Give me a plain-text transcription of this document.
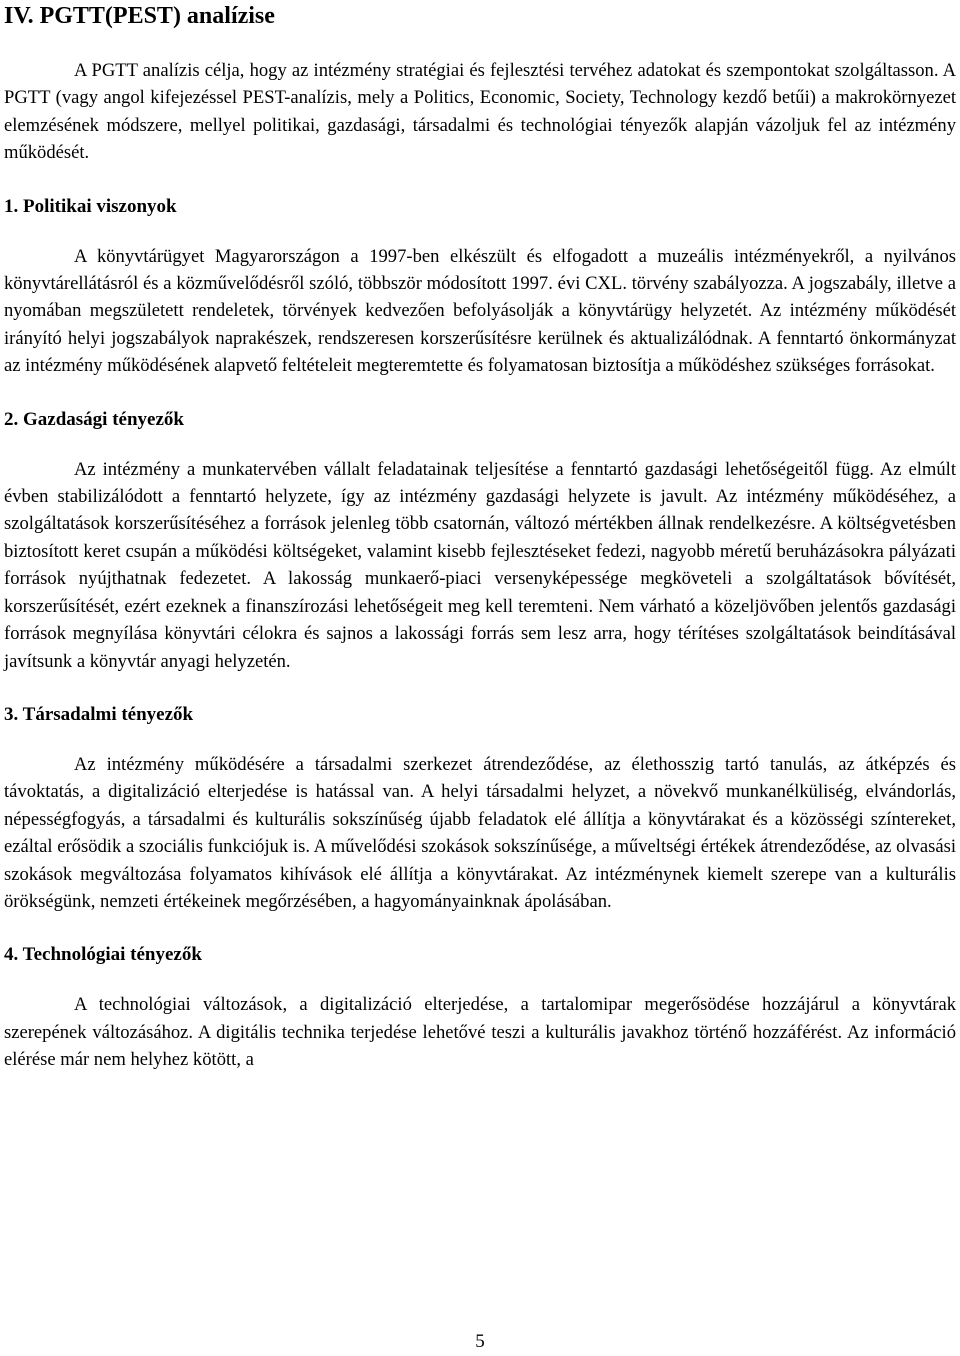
IV. PGTT(PEST) analízise

A PGTT analízis célja, hogy az intézmény stratégiai és fejlesztési tervéhez adatokat és szempontokat szolgáltasson. A PGTT (vagy angol kifejezéssel PEST-analízis, mely a Politics, Economic, Society, Technology kezdő betűi) a makrokörnyezet elemzésének módszere, mellyel politikai, gazdasági, társadalmi és technológiai tényezők alapján vázoljuk fel az intézmény működését.

1. Politikai viszonyok

A könyvtárügyet Magyarországon a 1997-ben elkészült és elfogadott a muzeális intézményekről, a nyilvános könyvtárellátásról és a közművelődésről szóló, többször módosított 1997. évi CXL. törvény szabályozza. A jogszabály, illetve a nyomában megszületett rendeletek, törvények kedvezően befolyásolják a könyvtárügy helyzetét. Az intézmény működését irányító helyi jogszabályok naprakészek, rendszeresen korszerűsítésre kerülnek és aktualizálódnak. A fenntartó önkormányzat az intézmény működésének alapvető feltételeit megteremtette és folyamatosan biztosítja a működéshez szükséges forrásokat.

2. Gazdasági tényezők

Az intézmény a munkatervében vállalt feladatainak teljesítése a fenntartó gazdasági lehetőségeitől függ. Az elmúlt évben stabilizálódott a fenntartó helyzete, így az intézmény gazdasági helyzete is javult. Az intézmény működéséhez, a szolgáltatások korszerűsítéséhez a források jelenleg több csatornán, változó mértékben állnak rendelkezésre. A költségvetésben biztosított keret csupán a működési költségeket, valamint kisebb fejlesztéseket fedezi, nagyobb méretű beruházásokra pályázati források nyújthatnak fedezetet. A lakosság munkaerő-piaci versenyképessége megköveteli a szolgáltatások bővítését, korszerűsítését, ezért ezeknek a finanszírozási lehetőségeit meg kell teremteni. Nem várható a közeljövőben jelentős gazdasági források megnyílása könyvtári célokra és sajnos a lakossági forrás sem lesz arra, hogy térítéses szolgáltatások beindításával javítsunk a könyvtár anyagi helyzetén.

3. Társadalmi tényezők

Az intézmény működésére a társadalmi szerkezet átrendeződése, az élethosszig tartó tanulás, az átképzés és távoktatás, a digitalizáció elterjedése is hatással van. A helyi társadalmi helyzet, a növekvő munkanélküliség, elvándorlás, népességfogyás, a társadalmi és kulturális sokszínűség újabb feladatok elé állítja a könyvtárakat és a közösségi színtereket, ezáltal erősödik a szociális funkciójuk is. A művelődési szokások sokszínűsége, a műveltségi értékek átrendeződése, az olvasási szokások megváltozása folyamatos kihívások elé állítja a könyvtárakat. Az intézménynek kiemelt szerepe van a kulturális örökségünk, nemzeti értékeinek megőrzésében, a hagyományainknak ápolásában.

4. Technológiai tényezők

A technológiai változások, a digitalizáció elterjedése, a tartalomipar megerősödése hozzájárul a könyvtárak szerepének változásához. A digitális technika terjedése lehetővé teszi a kulturális javakhoz történő hozzáférést. Az információ elérése már nem helyhez kötött, a

5
